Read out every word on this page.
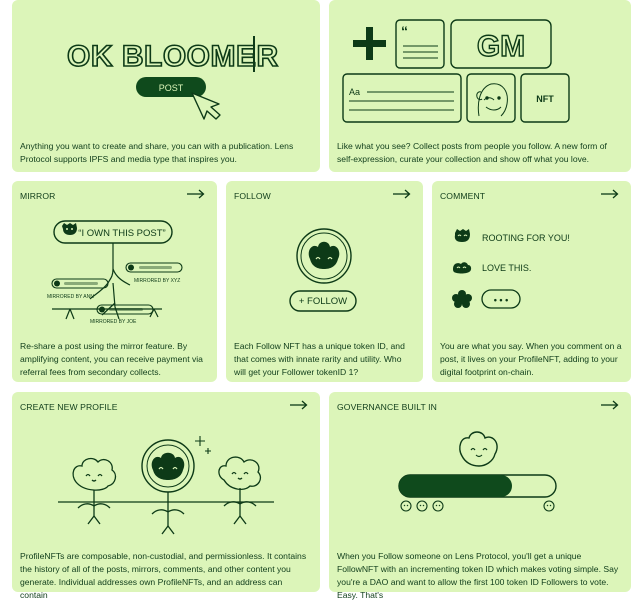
OK BLOOMER
POST
Anything you want to create and share, you can with a publication. Lens Protocol supports IPFS and media type that inspires you.
“ GM
Aa
NFT
Like what you see? Collect posts from people you follow. A new form of self-expression, curate your collection and show off what you love.
MIRROR
“I OWN THIS POST”
MIRRORED BY XYZ
MIRRORED BY ANN
MIRRORED BY JOE
Re-share a post using the mirror feature. By amplifying content, you can receive payment via referral fees from secondary collects.
FOLLOW
+ FOLLOW
Each Follow NFT has a unique token ID, and that comes with innate rarity and utility. Who will get your Follower tokenID 1?
COMMENT
ROOTING FOR YOU!
LOVE THIS.
• • •
You are what you say. When you comment on a post, it lives on your ProfileNFT, adding to your digital footprint on-chain.
CREATE NEW PROFILE
ProfileNFTs are composable, non-custodial, and permissionless. It contains the history of all of the posts, mirrors, comments, and other content you generate. Individual addresses own ProfileNFTs, and an address can contain
GOVERNANCE BUILT IN
When you Follow someone on Lens Protocol, you'll get a unique FollowNFT with an incrementing token ID which makes voting simple. Say you're a DAO and want to allow the first 100 token ID Followers to vote. Easy. That's
